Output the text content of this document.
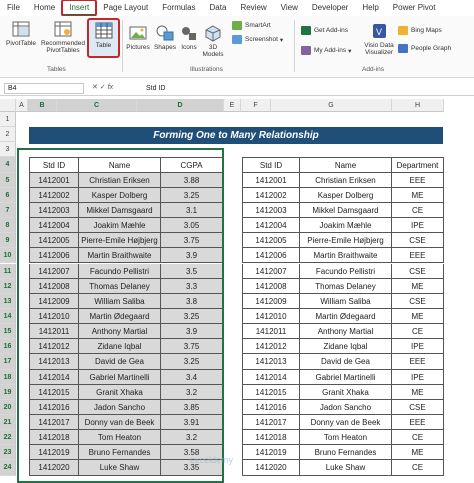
File	Home	Insert	Page Layout	Formulas	Data	Review	View	Developer	Help	Power Pivot
PivotTable Recommended PivotTables
Table
Tables
Pictures Shapes Icons	3D Models
SmartArt
Screenshot ▾
Illustrations
Get Add-ins
My Add-ins ▾
V
Visio Data Visualizer
Bing Maps
People Graph
Add-ins
B4	✕ ✓ fx	Std ID
A	B	C	D	E	F	G	H
1
2
3
4
5
6
7
8
9
10
11
12
13
14
15
16
17
18
19
20
21
22
23
24
Std ID	Name	CGPA
1412001	Christian Eriksen	3.88
1412002	Kasper Dolberg	3.25
1412003	Mikkel Damsgaard	3.1
1412004	Joakim Mæhle	3.05
1412005	Pierre-Emile Højbjerg	3.75
1412006	Martin Braithwaite	3.9
1412007	Facundo Pellistri	3.5
1412008	Thomas Delaney	3.3
1412009	William Saliba	3.8
1412010	Martin Ødegaard	3.25
1412011	Anthony Martial	3.9
1412012	Zidane Iqbal	3.75
1412013	David de Gea	3.25
1412014	Gabriel Martinelli	3.4
1412015	Granit Xhaka	3.2
1412016	Jadon Sancho	3.85
1412017	Donny van de Beek	3.91
1412018	Tom Heaton	3.2
1412019	Bruno Fernandes	3.58
1412020	Luke Shaw	3.35
Std ID	Name	Department
1412001	Christian Eriksen	EEE
1412002	Kasper Dolberg	ME
1412003	Mikkel Damsgaard	CE
1412004	Joakim Mæhle	IPE
1412005	Pierre-Emile Højbjerg	CSE
1412006	Martin Braithwaite	EEE
1412007	Facundo Pellistri	CSE
1412008	Thomas Delaney	ME
1412009	William Saliba	CSE
1412010	Martin Ødegaard	ME
1412011	Anthony Martial	CE
1412012	Zidane Iqbal	IPE
1412013	David de Gea	EEE
1412014	Gabriel Martinelli	IPE
1412015	Granit Xhaka	ME
1412016	Jadon Sancho	CSE
1412017	Donny van de Beek	EEE
1412018	Tom Heaton	CE
1412019	Bruno Fernandes	ME
1412020	Luke Shaw	CE
Forming One to Many Relationship
exceldemy
